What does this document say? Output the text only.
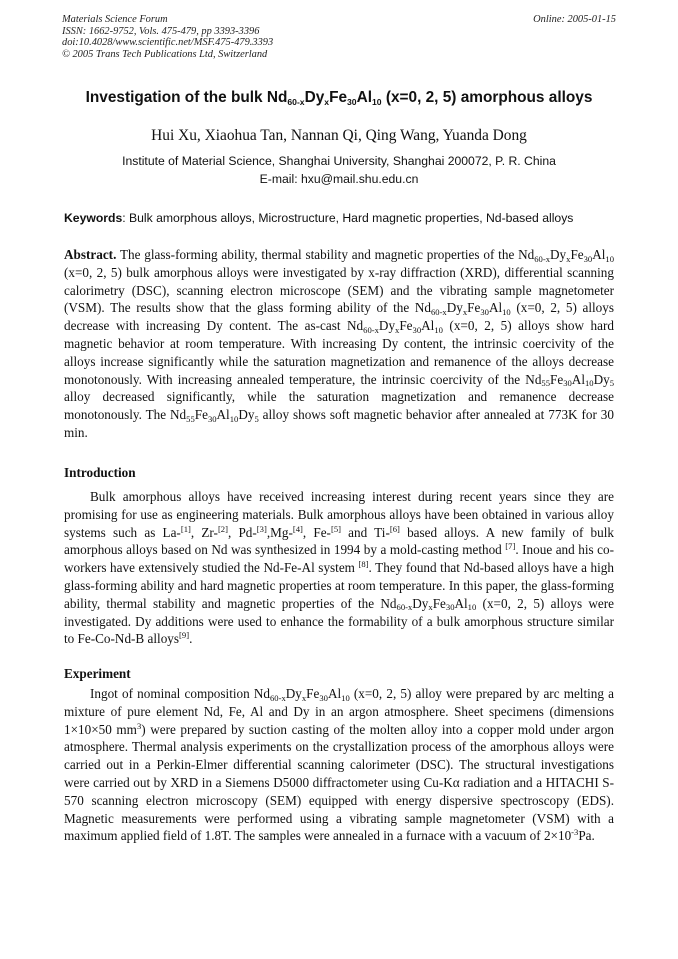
Materials Science Forum
ISSN: 1662-9752, Vols. 475-479, pp 3393-3396
doi:10.4028/www.scientific.net/MSF.475-479.3393
© 2005 Trans Tech Publications Ltd, Switzerland
Online: 2005-01-15
Investigation of the bulk $Nd_{60-x}Dy_xFe_{30}Al_{10}$ (x=0, 2, 5) amorphous alloys
Hui Xu, Xiaohua Tan, Nannan Qi, Qing Wang, Yuanda Dong
Institute of Material Science, Shanghai University, Shanghai 200072, P. R. China
E-mail: hxu@mail.shu.edu.cn
Keywords: Bulk amorphous alloys, Microstructure, Hard magnetic properties, Nd-based alloys
Abstract. The glass-forming ability, thermal stability and magnetic properties of the $Nd_{60-x}Dy_xFe_{30}Al_{10}$ (x=0, 2, 5) bulk amorphous alloys were investigated by x-ray diffraction (XRD), differential scanning calorimetry (DSC), scanning electron microscope (SEM) and the vibrating sample magnetometer (VSM). The results show that the glass forming ability of the $Nd_{60-x}Dy_xFe_{30}Al_{10}$ (x=0, 2, 5) alloys decrease with increasing Dy content. The as-cast $Nd_{60-x}Dy_xFe_{30}Al_{10}$ (x=0, 2, 5) alloys show hard magnetic behavior at room temperature. With increasing Dy content, the intrinsic coercivity of the alloys increase significantly while the saturation magnetization and remanence of the alloys decrease monotonously. With increasing annealed temperature, the intrinsic coercivity of the $Nd_{55}Fe_{30}Al_{10}Dy_5$ alloy decreased significantly, while the saturation magnetization and remanence decrease monotonously. The $Nd_{55}Fe_{30}Al_{10}Dy_5$ alloy shows soft magnetic behavior after annealed at 773K for 30 min.
Introduction
Bulk amorphous alloys have received increasing interest during recent years since they are promising for use as engineering materials. Bulk amorphous alloys have been obtained in various alloy systems such as La-[1], Zr-[2], Pd-[3],Mg-[4], Fe-[5] and Ti-[6] based alloys. A new family of bulk amorphous alloys based on Nd was synthesized in 1994 by a mold-casting method [7]. Inoue and his co-workers have extensively studied the Nd-Fe-Al system [8]. They found that Nd-based alloys have a high glass-forming ability and hard magnetic properties at room temperature. In this paper, the glass-forming ability, thermal stability and magnetic properties of the $Nd_{60-x}Dy_xFe_{30}Al_{10}$ (x=0, 2, 5) alloys were investigated. Dy additions were used to enhance the formability of a bulk amorphous structure similar to Fe-Co-Nd-B alloys[9].
Experiment
Ingot of nominal composition $Nd_{60-x}Dy_xFe_{30}Al_{10}$ (x=0, 2, 5) alloy were prepared by arc melting a mixture of pure element Nd, Fe, Al and Dy in an argon atmosphere. Sheet specimens (dimensions 1×10×50 $mm^3$) were prepared by suction casting of the molten alloy into a copper mold under argon atmosphere. Thermal analysis experiments on the crystallization process of the amorphous alloys were carried out in a Perkin-Elmer differential scanning calorimeter (DSC). The structural investigations were carried out by XRD in a Siemens D5000 diffractometer using Cu-Kα radiation and a HITACHI S-570 scanning electron microscopy (SEM) equipped with energy dispersive spectroscopy (EDS). Magnetic measurements were performed using a vibrating sample magnetometer (VSM) with a maximum applied field of 1.8T. The samples were annealed in a furnace with a vacuum of $2\times 10^{-3}Pa$.
